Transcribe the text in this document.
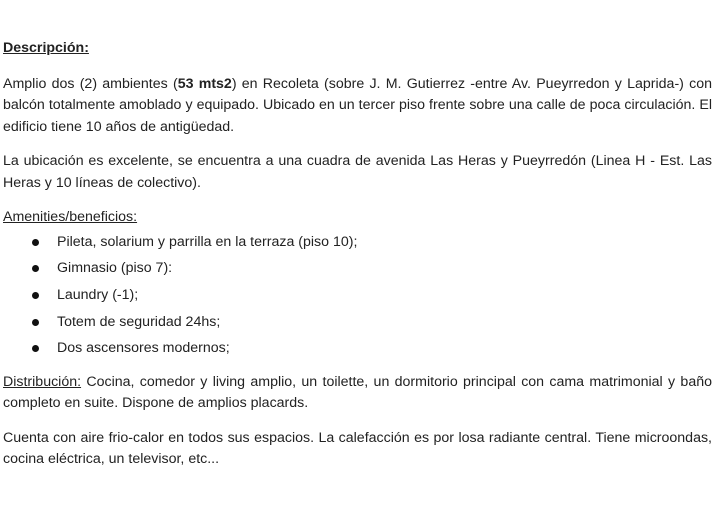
Descripción:

Amplio dos (2) ambientes (53 mts2) en Recoleta (sobre J. M. Gutierrez -entre Av. Pueyrredon y Laprida-) con balcón totalmente amoblado y equipado. Ubicado en un tercer piso frente sobre una calle de poca circulación. El edificio tiene 10 años de antigüedad.

La ubicación es excelente, se encuentra a una cuadra de avenida Las Heras y Pueyrredón (Linea H - Est. Las Heras y 10 líneas de colectivo).

Amenities/beneficios:
Pileta, solarium y parrilla en la terraza (piso 10);
Gimnasio (piso 7):
Laundry (-1);
Totem de seguridad 24hs;
Dos ascensores modernos;

Distribución: Cocina, comedor y living amplio, un toilette, un dormitorio principal con cama matrimonial y baño completo en suite. Dispone de amplios placards.

Cuenta con aire frio-calor en todos sus espacios. La calefacción es por losa radiante central. Tiene microondas, cocina eléctrica, un televisor, etc...
